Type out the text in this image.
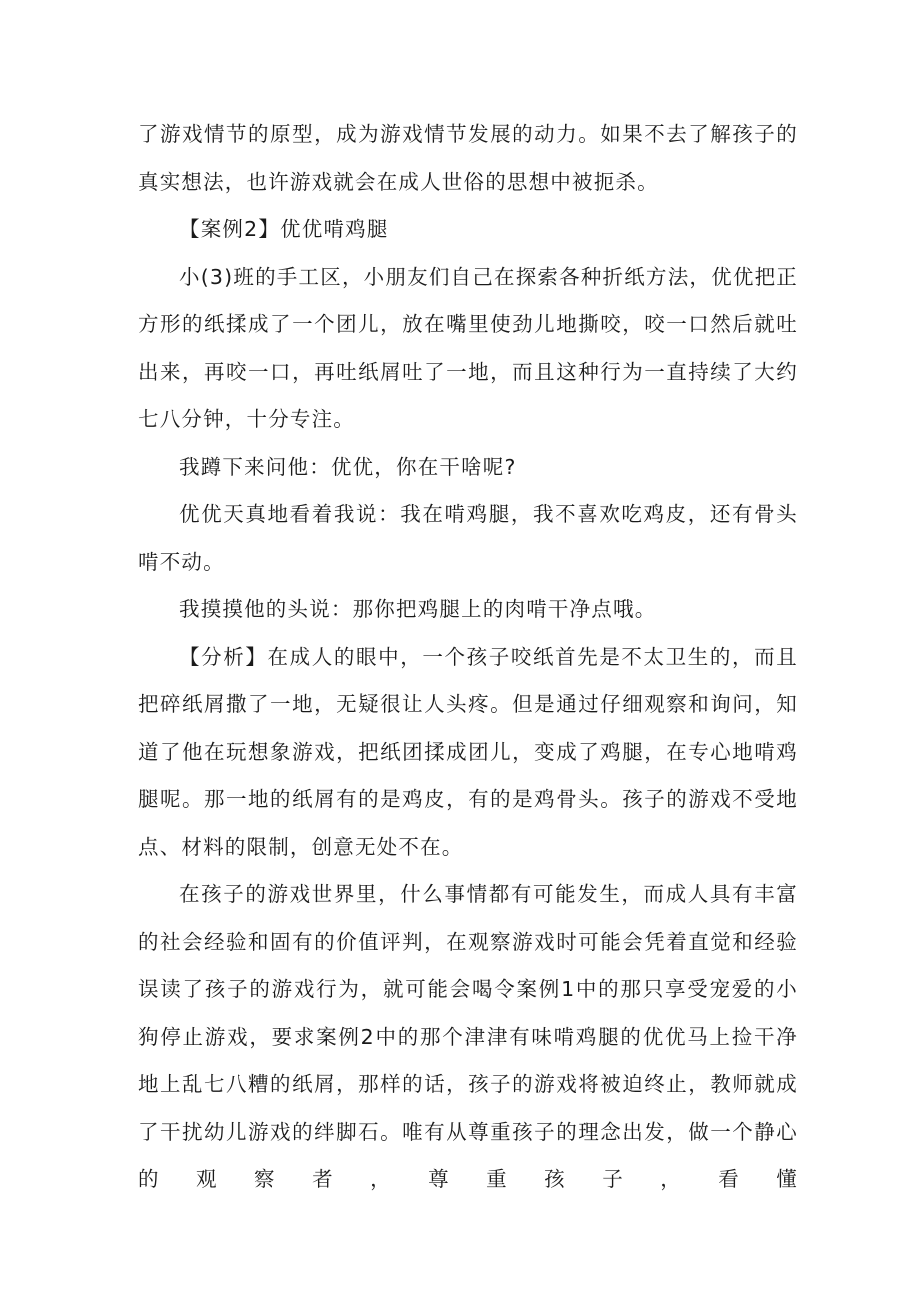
了游戏情节的原型，成为游戏情节发展的动力。如果不去了解孩子的真实想法，也许游戏就会在成人世俗的思想中被扼杀。

【案例2】优优啃鸡腿

小(3)班的手工区，小朋友们自己在探索各种折纸方法，优优把正方形的纸揉成了一个团儿，放在嘴里使劲儿地撕咬，咬一口然后就吐出来，再咬一口，再吐纸屑吐了一地，而且这种行为一直持续了大约七八分钟，十分专注。

我蹲下来问他：优优，你在干啥呢?

优优天真地看着我说：我在啃鸡腿，我不喜欢吃鸡皮，还有骨头啃不动。

我摸摸他的头说：那你把鸡腿上的肉啃干净点哦。

【分析】在成人的眼中，一个孩子咬纸首先是不太卫生的，而且把碎纸屑撒了一地，无疑很让人头疼。但是通过仔细观察和询问，知道了他在玩想象游戏，把纸团揉成团儿，变成了鸡腿，在专心地啃鸡腿呢。那一地的纸屑有的是鸡皮，有的是鸡骨头。孩子的游戏不受地点、材料的限制，创意无处不在。

在孩子的游戏世界里，什么事情都有可能发生，而成人具有丰富的社会经验和固有的价值评判，在观察游戏时可能会凭着直觉和经验误读了孩子的游戏行为，就可能会喝令案例1中的那只享受宠爱的小狗停止游戏，要求案例2中的那个津津有味啃鸡腿的优优马上捡干净地上乱七八糟的纸屑，那样的话，孩子的游戏将被迫终止，教师就成了干扰幼儿游戏的绊脚石。唯有从尊重孩子的理念出发，做一个静心的观察者，尊重孩子，看懂
